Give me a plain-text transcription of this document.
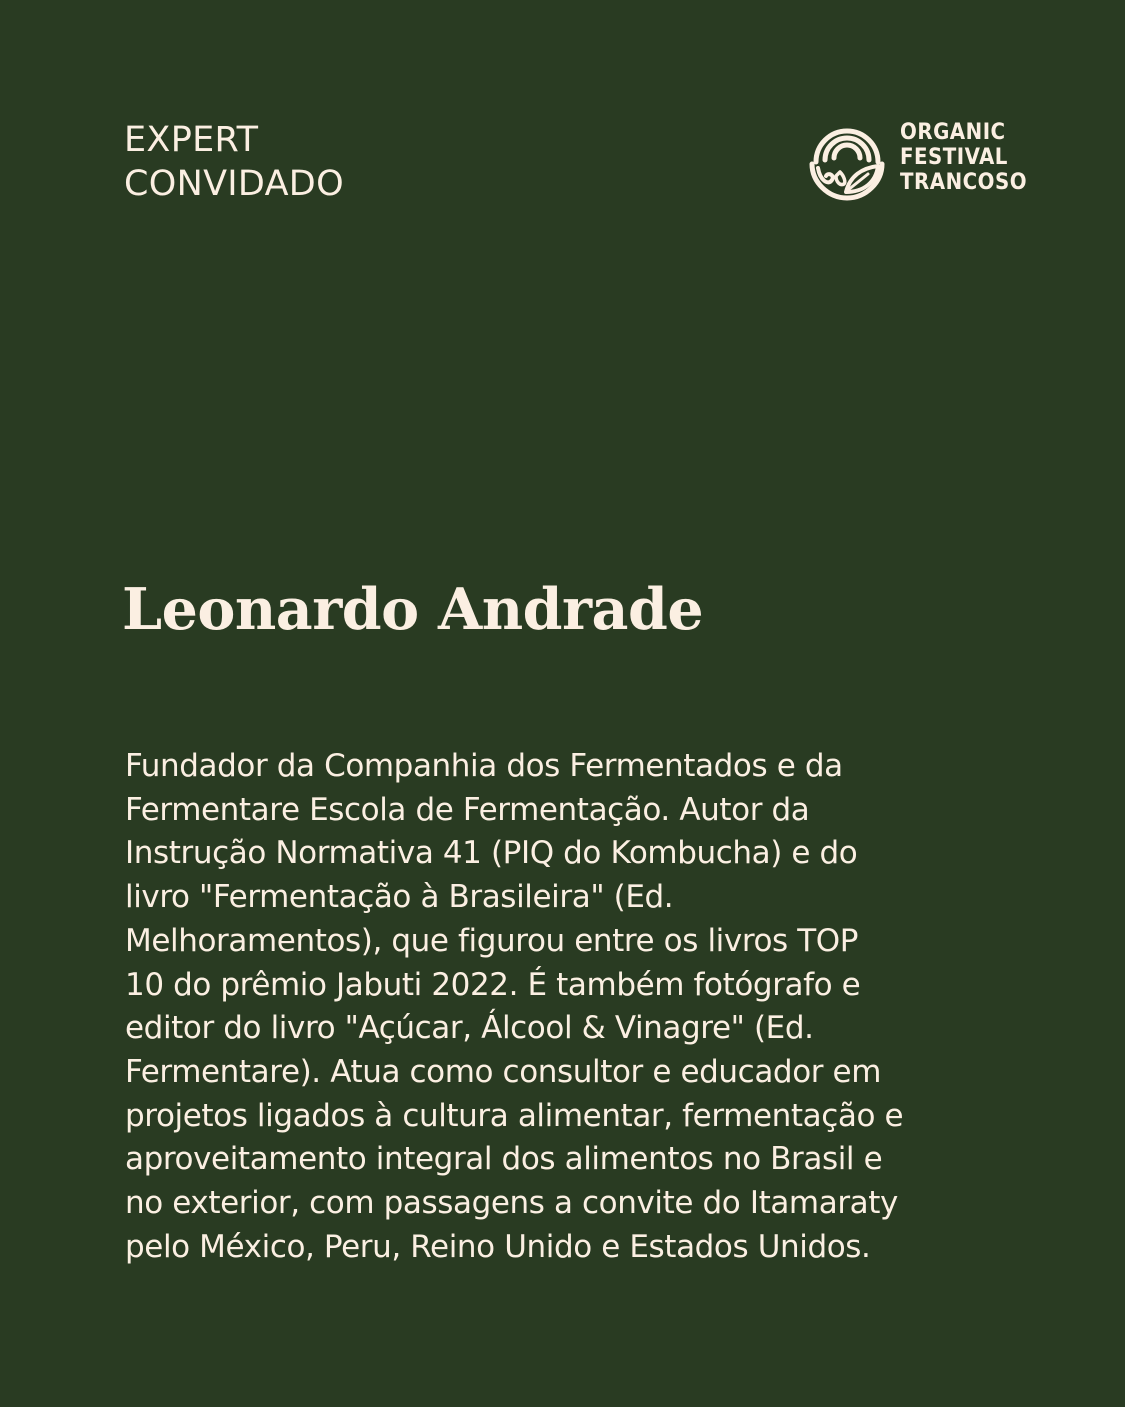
EXPERT
CONVIDADO
ORGANIC
FESTIVAL
TRANCOSO
Leonardo Andrade
Fundador da Companhia dos Fermentados e da
Fermentare Escola de Fermentação. Autor da
Instrução Normativa 41 (PIQ do Kombucha) e do
livro "Fermentação à Brasileira" (Ed.
Melhoramentos), que figurou entre os livros TOP
10 do prêmio Jabuti 2022. É também fotógrafo e
editor do livro "Açúcar, Álcool & Vinagre" (Ed.
Fermentare). Atua como consultor e educador em
projetos ligados à cultura alimentar, fermentação e
aproveitamento integral dos alimentos no Brasil e
no exterior, com passagens a convite do Itamaraty
pelo México, Peru, Reino Unido e Estados Unidos.
